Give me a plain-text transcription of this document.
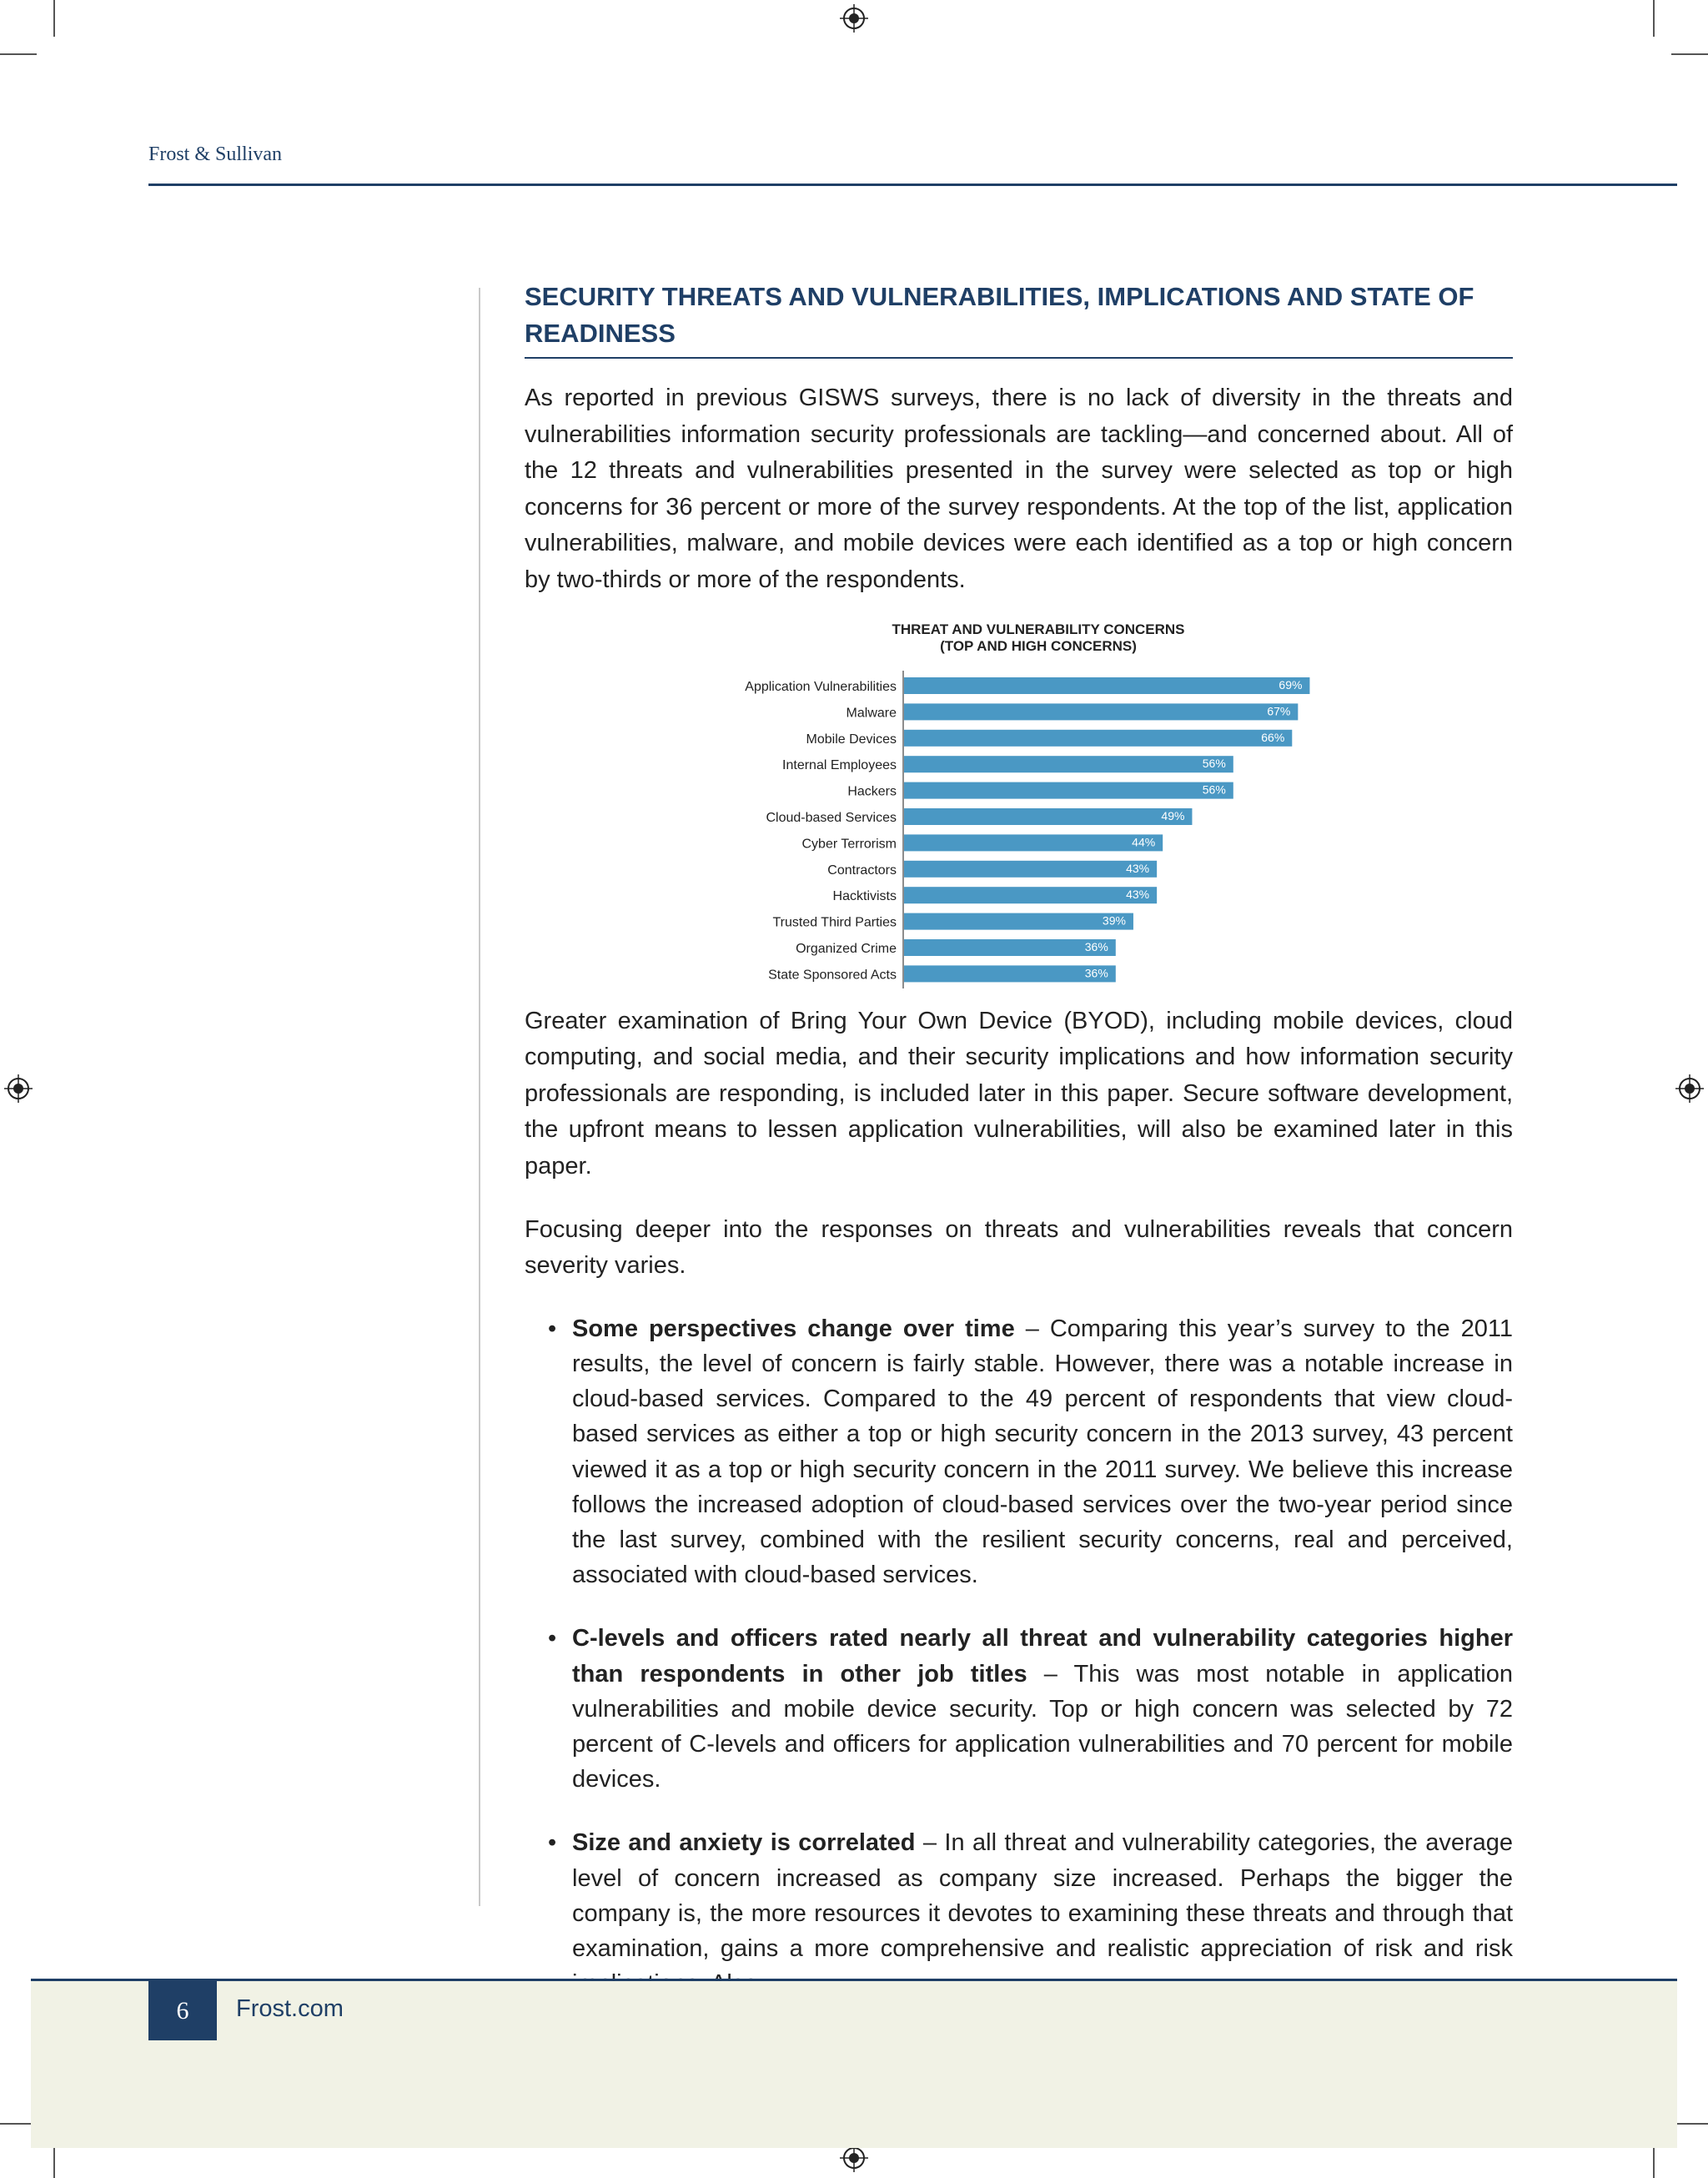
Frost & Sullivan
SECURITY THREATS AND VULNERABILITIES, IMPLICATIONS AND STATE OF READINESS

As reported in previous GISWS surveys, there is no lack of diversity in the threats and vulnerabilities information security professionals are tackling—and concerned about. All of the 12 threats and vulnerabilities presented in the survey were selected as top or high concerns for 36 percent or more of the survey respondents. At the top of the list, application vulnerabilities, malware, and mobile devices were each identified as a top or high concern by two-thirds or more of the respondents.

THREAT AND VULNERABILITY CONCERNS
(TOP AND HIGH CONCERNS)
Application Vulnerabilities	69%
Malware	67%
Mobile Devices	66%
Internal Employees	56%
Hackers	56%
Cloud-based Services	49%
Cyber Terrorism	44%
Contractors	43%
Hacktivists	43%
Trusted Third Parties	39%
Organized Crime	36%
State Sponsored Acts	36%

Greater examination of Bring Your Own Device (BYOD), including mobile devices, cloud computing, and social media, and their security implications and how information security professionals are responding, is included later in this paper. Secure software development, the upfront means to lessen application vulnerabilities, will also be examined later in this paper.

Focusing deeper into the responses on threats and vulnerabilities reveals that concern severity varies.

• Some perspectives change over time – Comparing this year’s survey to the 2011 results, the level of concern is fairly stable. However, there was a notable increase in cloud-based services. Compared to the 49 percent of respondents that view cloud-based services as either a top or high security concern in the 2013 survey, 43 percent viewed it as a top or high security concern in the 2011 survey. We believe this increase follows the increased adoption of cloud-based services over the two-year period since the last survey, combined with the resilient security concerns, real and perceived, associated with cloud-based services.
• C-levels and officers rated nearly all threat and vulnerability categories higher than respondents in other job titles – This was most notable in application vulnerabilities and mobile device security. Top or high concern was selected by 72 percent of C-levels and officers for application vulnerabilities and 70 percent for mobile devices.
• Size and anxiety is correlated – In all threat and vulnerability categories, the average level of concern increased as company size increased. Perhaps the bigger the company is, the more resources it devotes to examining these threats and through that examination, gains a more comprehensive and realistic appreciation of risk and risk
6	Frost.com
